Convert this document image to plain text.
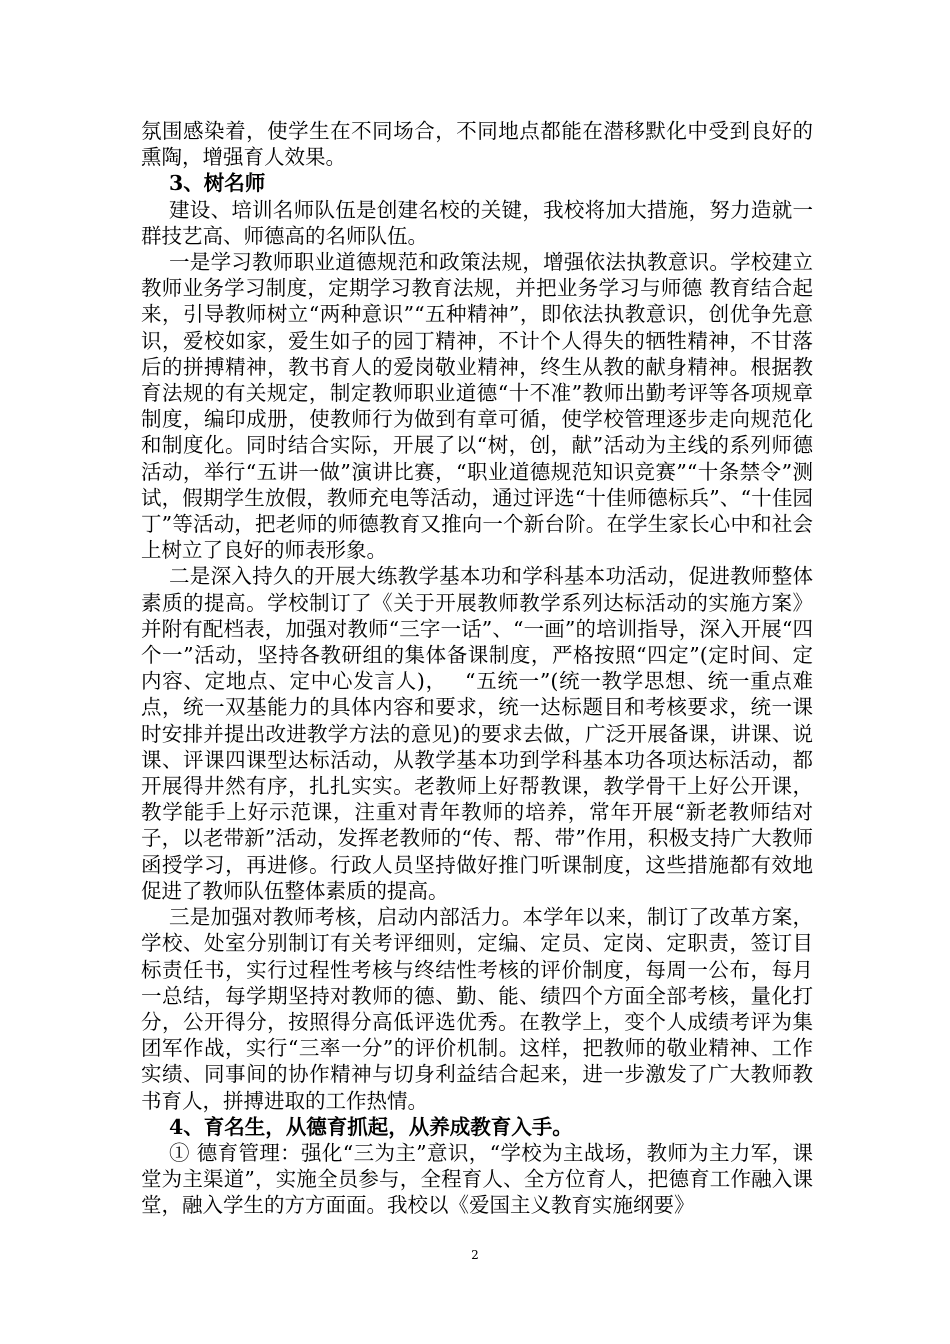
氛围感染着，使学生在不同场合，不同地点都能在潜移默化中受到良好的熏陶，增强育人效果。

3、树名师

建设、培训名师队伍是创建名校的关键，我校将加大措施，努力造就一群技艺高、师德高的名师队伍。

一是学习教师职业道德规范和政策法规，增强依法执教意识。学校建立教师业务学习制度，定期学习教育法规，并把业务学习与师德 教育结合起来，引导教师树立“两种意识”“五种精神”，即依法执教意识，创优争先意识，爱校如家，爱生如子的园丁精神，不计个人得失的牺牲精神，不甘落后的拼搏精神，教书育人的爱岗敬业精神，终生从教的献身精神。根据教育法规的有关规定，制定教师职业道德“十不准”教师出勤考评等各项规章制度，编印成册，使教师行为做到有章可循，使学校管理逐步走向规范化和制度化。同时结合实际，开展了以“树，创，献”活动为主线的系列师德活动，举行“五讲一做”演讲比赛，“职业道德规范知识竞赛”“十条禁令”测试，假期学生放假，教师充电等活动，通过评选“十佳师德标兵”、“十佳园丁”等活动，把老师的师德教育又推向一个新台阶。在学生家长心中和社会上树立了良好的师表形象。

二是深入持久的开展大练教学基本功和学科基本功活动，促进教师整体素质的提高。学校制订了《关于开展教师教学系列达标活动的实施方案》并附有配档表，加强对教师“三字一话”、“一画”的培训指导，深入开展“四个一”活动，坚持各教研组的集体备课制度，严格按照“四定”(定时间、定内容、定地点、定中心发言人)，　 “五统一”(统一教学思想、统一重点难点，统一双基能力的具体内容和要求，统一达标题目和考核要求，统一课时安排并提出改进教学方法的意见)的要求去做，广泛开展备课，讲课、说课、评课四课型达标活动，从教学基本功到学科基本功各项达标活动，都开展得井然有序，扎扎实实。老教师上好帮教课，教学骨干上好公开课，教学能手上好示范课，注重对青年教师的培养，常年开展“新老教师结对子，以老带新”活动，发挥老教师的“传、帮、带”作用，积极支持广大教师函授学习，再进修。行政人员坚持做好推门听课制度，这些措施都有效地促进了教师队伍整体素质的提高。

三是加强对教师考核，启动内部活力。本学年以来，制订了改革方案，学校、处室分别制订有关考评细则，定编、定员、定岗、定职责，签订目标责任书，实行过程性考核与终结性考核的评价制度，每周一公布，每月一总结，每学期坚持对教师的德、勤、能、绩四个方面全部考核，量化打分，公开得分，按照得分高低评选优秀。在教学上，变个人成绩考评为集团军作战，实行“三率一分”的评价机制。这样，把教师的敬业精神、工作实绩、同事间的协作精神与切身利益结合起来，进一步激发了广大教师教书育人，拼搏进取的工作热情。

4、育名生，从德育抓起，从养成教育入手。

① 德育管理：强化“三为主”意识，“学校为主战场，教师为主力军，课堂为主渠道”，实施全员参与，全程育人、全方位育人，把德育工作融入课堂，融入学生的方方面面。我校以《爱国主义教育实施纲要》

2
